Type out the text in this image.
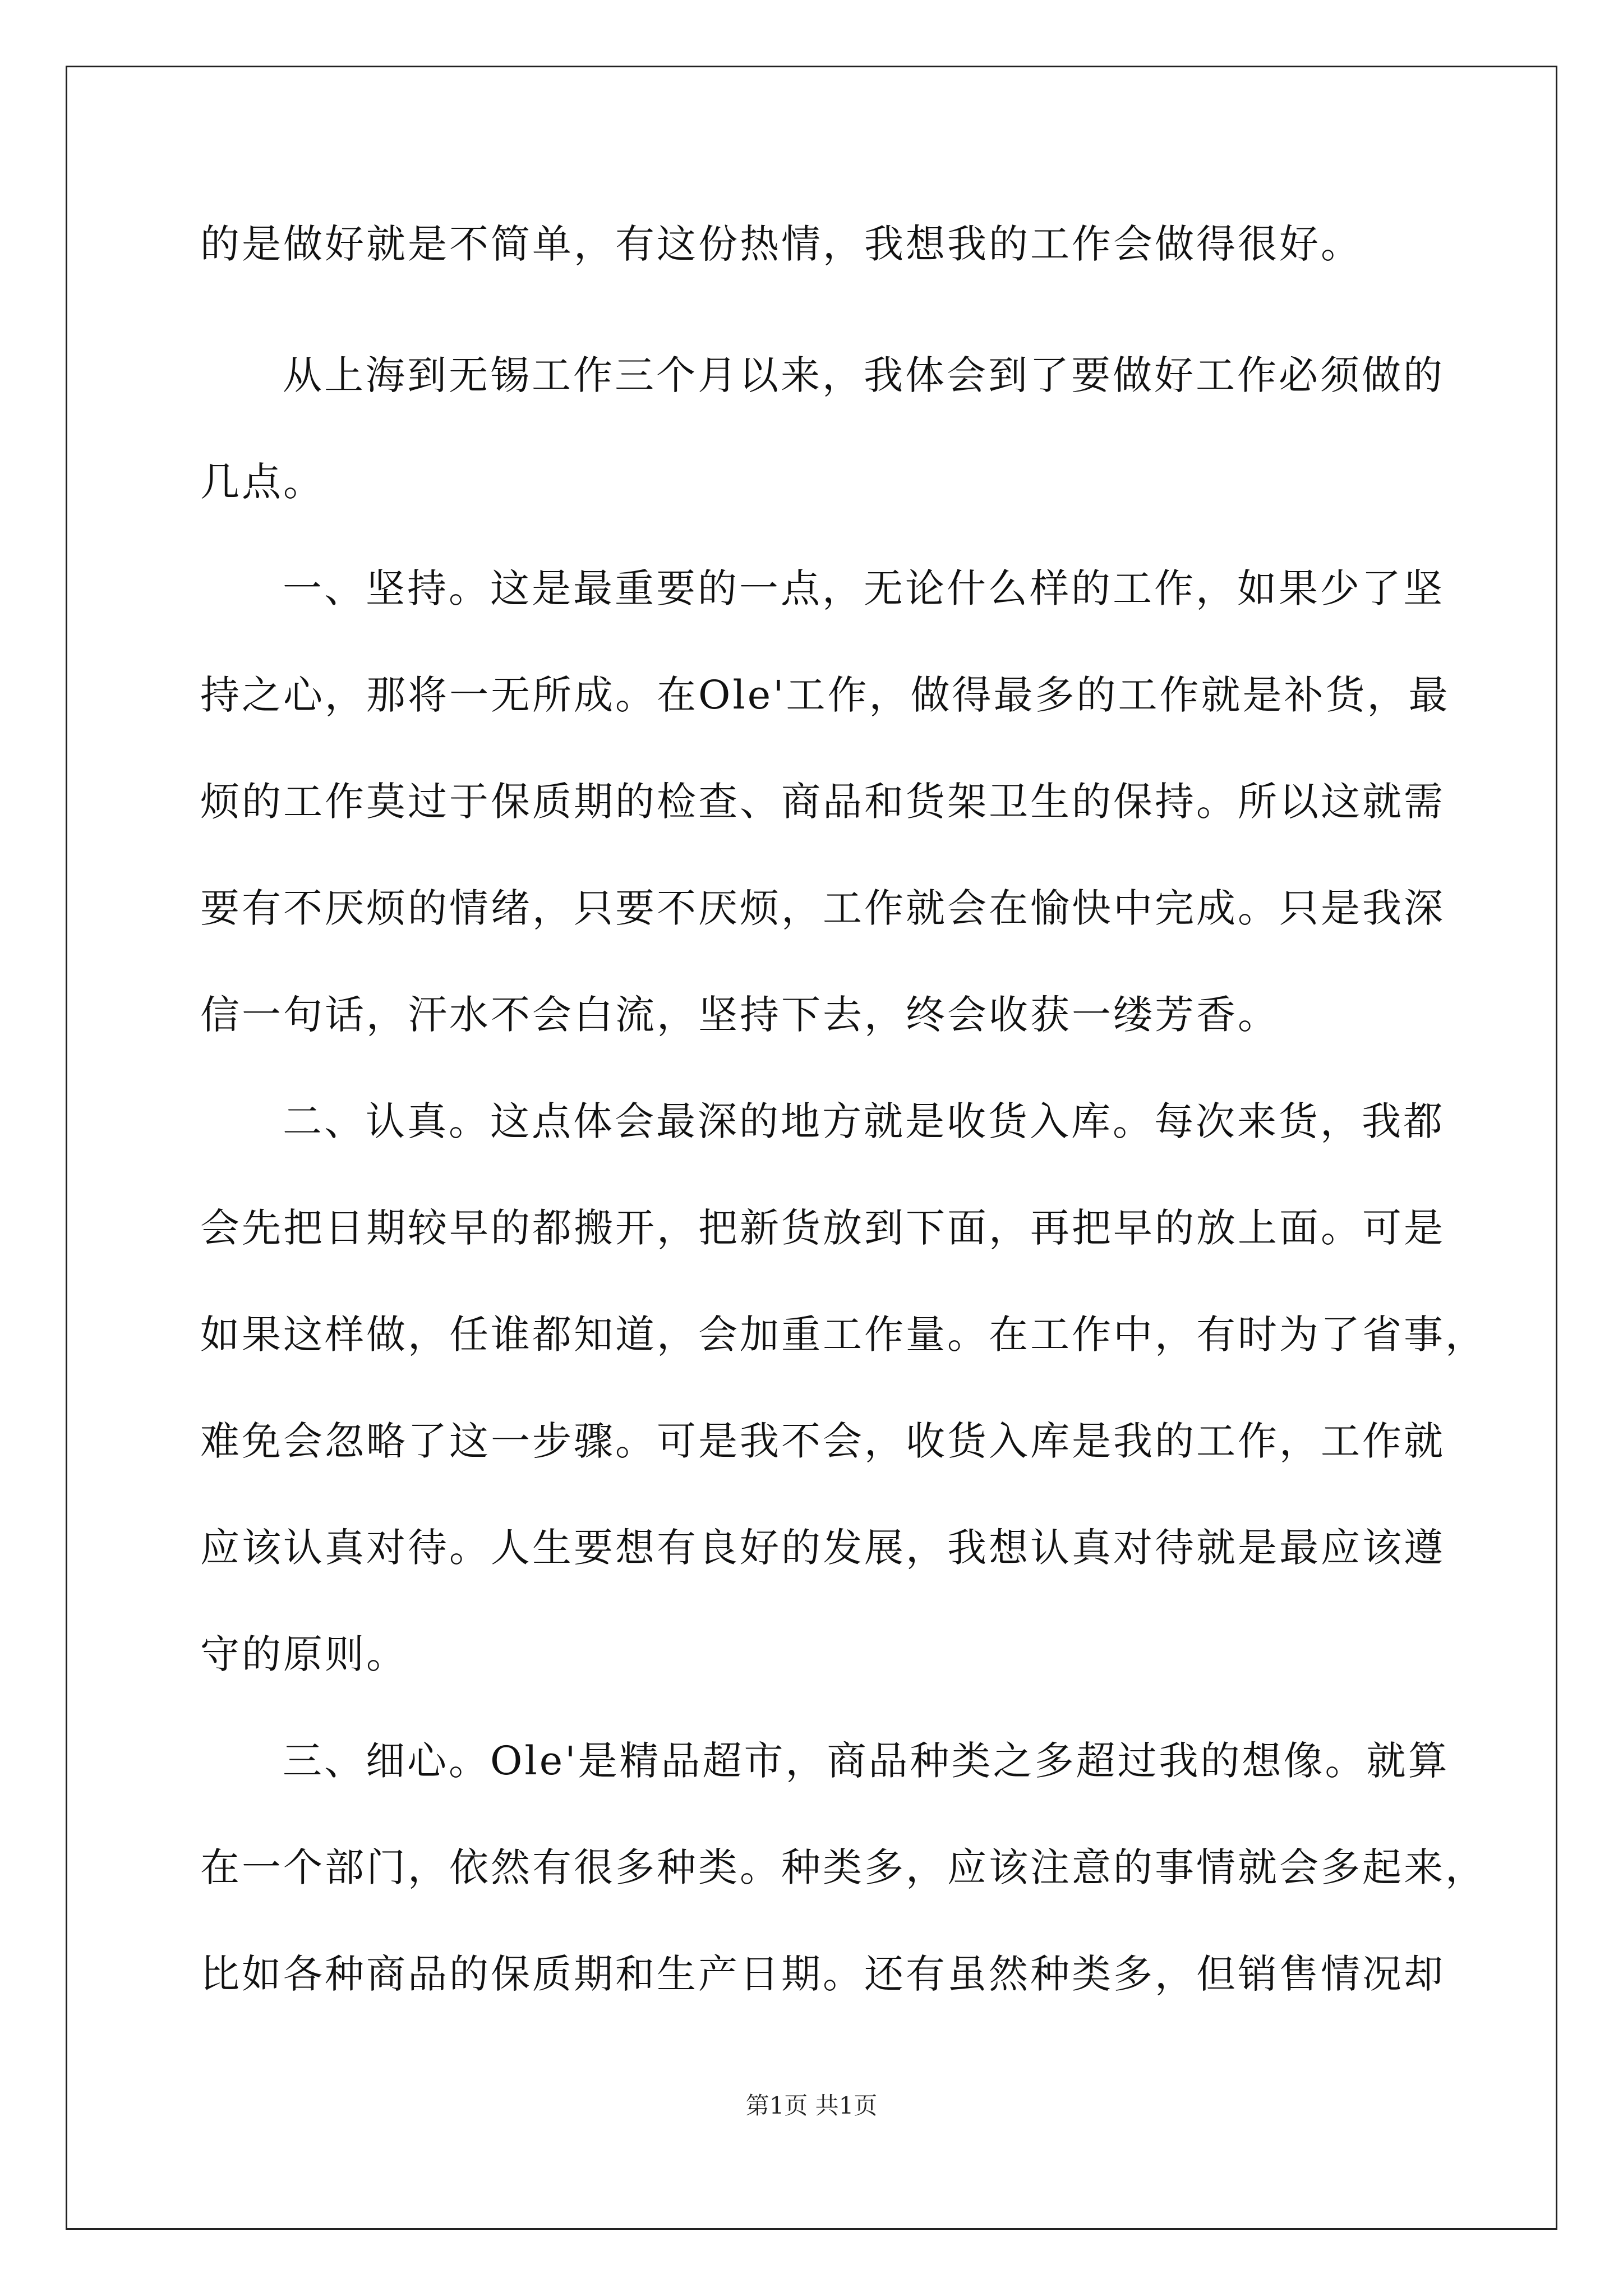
的是做好就是不简单，有这份热情，我想我的工作会做得很好。
从上海到无锡工作三个月以来，我体会到了要做好工作必须做的
几点。
一、坚持。这是最重要的一点，无论什么样的工作，如果少了坚
持之心，那将一无所成。在Ole'工作，做得最多的工作就是补货，最
烦的工作莫过于保质期的检查、商品和货架卫生的保持。所以这就需
要有不厌烦的情绪，只要不厌烦，工作就会在愉快中完成。只是我深
信一句话，汗水不会白流，坚持下去，终会收获一缕芳香。
二、认真。这点体会最深的地方就是收货入库。每次来货，我都
会先把日期较早的都搬开，把新货放到下面，再把早的放上面。可是
如果这样做，任谁都知道，会加重工作量。在工作中，有时为了省事，
难免会忽略了这一步骤。可是我不会，收货入库是我的工作，工作就
应该认真对待。人生要想有良好的发展，我想认真对待就是最应该遵
守的原则。
三、细心。Ole'是精品超市，商品种类之多超过我的想像。就算
在一个部门，依然有很多种类。种类多，应该注意的事情就会多起来，
比如各种商品的保质期和生产日期。还有虽然种类多，但销售情况却
第1页 共1页
